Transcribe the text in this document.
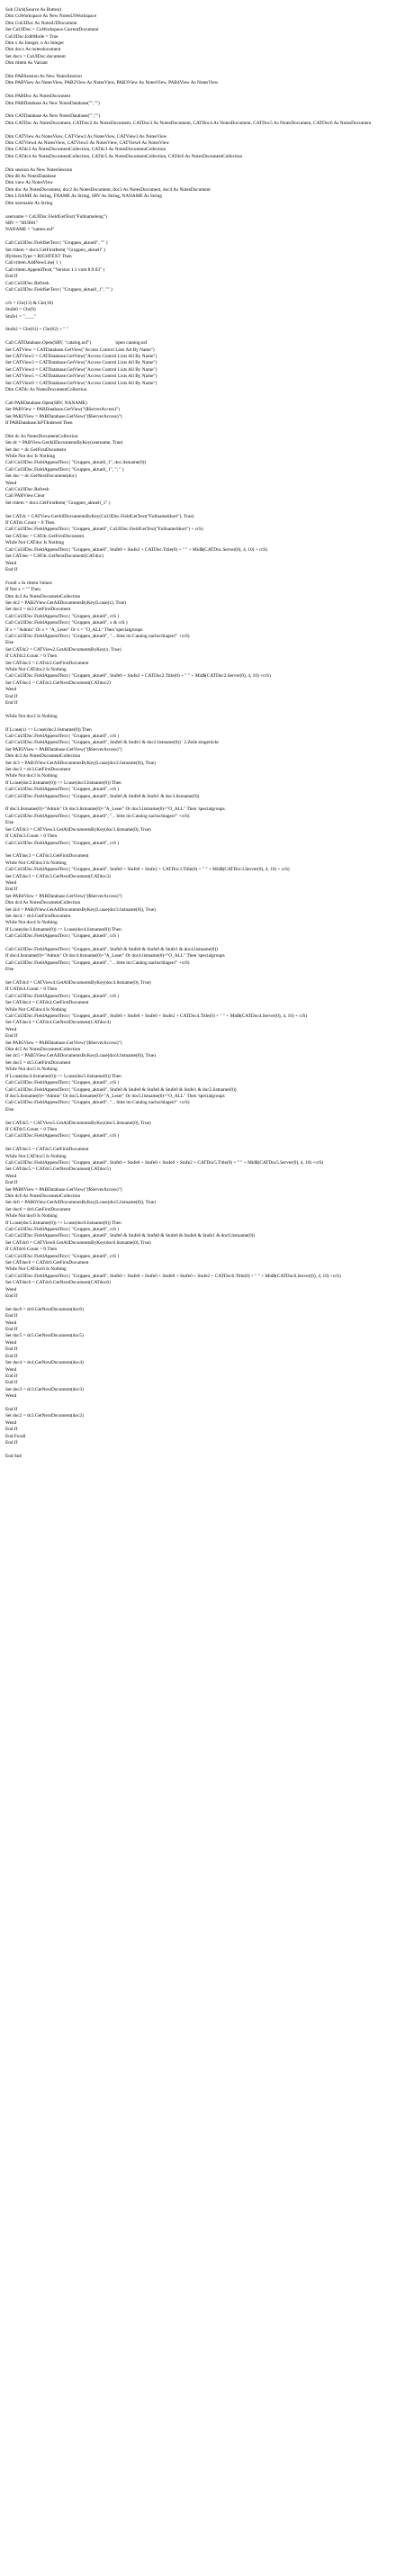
Sub Click(Source As Button)
Dim CuWorkspace As New NotesUIWorkspace
Dim CuUIDoc As NotesUIDocument
Set CuUIDoc = CuWorkspace.CurrentDocument
CuUIDoc.EditMode = True
Dim x As Integer, n As Integer
Dim docx As notesdocument
Set docx = CuUIDoc.document
Dim rtitem As Variant
Dim PABSession As New NotesSession
Dim PABView As NotesView, PAB2View As NotesView, PAB3View As NotesView, PAB4View As NotesView
Dim PABDoc As NotesDocument
Dim PABDatabase As New NotesDatabase("","")
Dim CATDatabase As New NotesDatabase("","")
Dim CATDoc As NotesDocument, CATDoc2 As NotesDocument, CATDoc3 As NotesDocument, CATDoc4 As NotesDocument, CATDoc5 As NotesDocument, CATDoc6 As NotesDocument
Dim CATView As NotesView, CATView2 As NotesView, CATView3 As NotesView
Dim CATView4 As NotesView, CATView5 As NotesView, CATView6 As NotesView
Dim CATdc2 As NotesDocumentCollection, CATdc3 As NotesDocumentCollection
Dim CATdc4 As NotesDocumentCollection, CATdc5 As NotesDocumentCollection, CATdc6 As NotesDocumentCollection
Dim session As New NotesSession
Dim db As NotesDatabase
Dim view As NotesView
Dim doc As NotesDocument, doc2 As NotesDocument, doc3 As NotesDocument, doc4 As NotesDocument
Dim LNAME As String, FNAME As String, SRV As String, NANAME As String
Dim username As String
username = CuUIDoc.FieldGetText("Fullnameleng")
SRV = "HUB01"
NANAME = "names.nsf"
Call CuUIDoc.FieldSetText ( "Gruppen_aktuell", "" )
Set rtitem = docx.GetFirstItem( "Gruppen_aktuell" )
If(rtitem.Type = RICHTEXT Then
Call rtitem.AddNewLine( 1 )
Call rtitem.AppendText( "Version 1.1 vom 8.9.03" )
End If
Call CuUIDoc.Refresh
Call CuUIDoc.FieldSetText ( "Gruppen_aktuell_1", "" )
crS = Chr(13) & Chr(10)
Stufe0 = Chr(9)
Stufe1 = "____"
Stufe2 = Chr(61) + Chr(62) + " "
Call CATDatabase.Open(SRV, "catalog.nsf")                    'open catalog.nsf
Set CATView = CATDatabase.GetView("Access Control Lists All By Name")
Set CATView2 = CATDatabase.GetView("Access Control Lists All By Name")
Set CATView3 = CATDatabase.GetView("Access Control Lists All By Name")
Set CATView4 = CATDatabase.GetView("Access Control Lists All By Name")
Set CATView5 = CATDatabase.GetView("Access Control Lists All By Name")
Set CATView6 = CATDatabase.GetView("Access Control Lists All By Name")
Dim CATdc As NotesDocumentCollection
Call PABDatabase.Open(SRV, NANAME)
Set PABView = PABDatabase.GetView("($ServerAccess)")
Set PAB2View = PABDatabase.GetView("($ServerAccess)")
If PABDatabase.IsFTIndexed Then
Dim dc As NotesDocumentCollection
Set dc = PABView.GetAllDocumentsByKey(username, True)
Set doc = dc.GetFirstDocument
While Not doc Is Nothing
Call CuUIDoc.FieldAppendText ( "Gruppen_aktuell_1", doc.listname(0))
Call CuUIDoc.FieldAppendText ( "Gruppen_aktuell_1", "; " )
Set doc = dc.GetNextDocument(doc)
Wend
Call CuUIDoc.Refresh
Call PABView.Clear
Set rtitem = docx.GetFirstItem( "Gruppen_aktuell_1" )
Set CATdc = CATView.GetAllDocumentsByKey(CuUIDoc.FieldGetText("FullnameShort"), True)
If CATdc.Count > 0 Then
Call CuUIDoc.FieldAppendText ( "Gruppen_aktuell", CuUIDoc.FieldGetText("FullnameShort") + crS)
Set CATdoc = CATdc.GetFirstDocument
While Not CATdoc Is Nothing
Call CuUIDoc.FieldAppendText ( "Gruppen_aktuell", Stufe0 + Stufe2 + CATDoc.Title(0) + " " + Mid$(CATDoc.Server(0), 4, 10) + crS)
Set CATdoc = CATdc.GetNextDocument(CATdoc)
Wend
End If
Forall x In rtitem.Values
If Not x = "" Then
Dim dc2 As NotesDocumentCollection
Set dc2 = PAB2View.GetAllDocumentsByKey(Lcase(x), True)
Set doc2 = dc2.GetFirstDocument
Call CuUIDoc.FieldAppendText ( "Gruppen_aktuell", crS )
Call CuUIDoc.FieldAppendText ( "Gruppen_aktuell", x & crS )
If x = "Admin" Or x = "A_Leser" Or x = "O_ALL" Then 'specialgroups
Call CuUIDoc.FieldAppendText ( "Gruppen_aktuell", "... bitte im Catalog nachschlagen!" +crS)
Else
Set CATdc2 = CATView2.GetAllDocumentsByKey(x, True)
If CATdc2.Count > 0 Then
Set CATdoc2 = CATdc2.GetFirstDocument
While Not CATdoc2 Is Nothing
Call CuUIDoc.FieldAppendText ( "Gruppen_aktuell", Stufe0 + Stufe2 + CATDoc2.Title(0) + " " + Mid$(CATDoc2.Server(0), 4, 10) +crS)
Set CATdoc2 = CATdc2.GetNextDocument(CATdoc2)
Wend
End If
End If
While Not doc2 Is Nothing
If Lcase(x) <> Lcase(doc2.listname(0)) Then
Call CuUIDoc.FieldAppendText ( "Gruppen_aktuell", crS )
Call CuUIDoc.FieldAppendText ( "Gruppen_aktuell", Stufe0 & Stufe1 & doc2.listname(0)) ' 2.Zeile eingerückt
Set PAB3View = PABDatabase.GetView("($ServerAccess)")
Dim dc3 As NotesDocumentCollection
Set dc3 = PAB3View.GetAllDocumentsByKey(Lcase(doc2.listname(0)), True)
Set doc3 = dc3.GetFirstDocument
While Not doc3 Is Nothing
If Lcase(doc2.listname(0)) <> Lcase(doc3.listname(0)) Then
Call CuUIDoc.FieldAppendText ( "Gruppen_aktuell", crS )
Call CuUIDoc.FieldAppendText ( "Gruppen_aktuell", Stufe0 & Stufe0 & Stufe1 & doc3.listname(0))
If doc3.listname(0)="Admin" Or doc3.listname(0)="A_Leser" Or doc3.listname(0)="O_ALL" Then 'specialgroups
Call CuUIDoc.FieldAppendText ( "Gruppen_aktuell", "... bitte im Catalog nachschlagen!" +crS)
Else
Set CATdc3 = CATView3.GetAllDocumentsByKey(doc3.listname(0), True)
If CATdc3.Count > 0 Then
Call CuUIDoc.FieldAppendText ( "Gruppen_aktuell", crS )
Set CATdoc3 = CATdc3.GetFirstDocument
While Not CATdoc3 Is Nothing
Call CuUIDoc.FieldAppendText ( "Gruppen_aktuell", Stufe0 + Stufe0 + Stufe2 + CATDoc3.Title(0) + " " + Mid$(CATDoc3.Server(0), 4, 10) + crS)
Set CATdoc3 = CATdc3.GetNextDocument(CATdoc3)
Wend
End If
Set PAB4View = PABDatabase.GetView("($ServerAccess)")
Dim dc4 As NotesDocumentCollection
Set dc4 = PAB4View.GetAllDocumentsByKey(Lcase(doc3.listname(0)), True)
Set doc4 = dc4.GetFirstDocument
While Not doc4 Is Nothing
If Lcase(doc3.listname(0)) <> Lcase(doc4.listname(0)) Then
Call CuUIDoc.FieldAppendText ( "Gruppen_aktuell", crS )
Call CuUIDoc.FieldAppendText ( "Gruppen_aktuell", Stufe0 & Stufe0 & Stufe0 & Stufe1 & doc4.listname(0))
If doc4.listname(0)="Admin" Or doc4.listname(0)="A_Leser" Or doc4.listname(0)="O_ALL" Then 'specialgroups
Call CuUIDoc.FieldAppendText ( "Gruppen_aktuell", "... bitte im Catalog nachschlagen!" +crS)
Else
Set CATdc4 = CATView4.GetAllDocumentsByKey(doc4.listname(0), True)
If CATdc4.Count > 0 Then
Call CuUIDoc.FieldAppendText ( "Gruppen_aktuell", crS )
Set CATdoc4 = CATdc4.GetFirstDocument
While Not CATdoc4 Is Nothing
Call CuUIDoc.FieldAppendText ( "Gruppen_aktuell", Stufe0 + Stufe0 + Stufe0 + Stufe2 + CATDoc4.Title(0) + " " + Mid$(CATDoc4.Server(0), 4, 10) + crS)
Set CATdoc4 = CATdc4.GetNextDocument(CATdoc4)
Wend
End If
Set PAB5View = PABDatabase.GetView("($ServerAccess)")
Dim dc5 As NotesDocumentCollection
Set dc5 = PAB5View.GetAllDocumentsByKey(Lcase(doc4.listname(0)), True)
Set doc5 = dc5.GetFirstDocument
While Not doc5 Is Nothing
If Lcase(doc4.listname(0)) <> Lcase(doc5.listname(0)) Then
Call CuUIDoc.FieldAppendText ( "Gruppen_aktuell", crS )
Call CuUIDoc.FieldAppendText ( "Gruppen_aktuell", Stufe0 & Stufe0 & Stufe0 & Stufe0 & Stufe1 & doc5.listname(0))
If doc5.listname(0)="Admin" Or doc5.listname(0)="A_Leser" Or doc5.listname(0)="O_ALL" Then 'specialgroups
Call CuUIDoc.FieldAppendText ( "Gruppen_aktuell", "... bitte im Catalog nachschlagen!" +crS)
Else
Set CATdc5 = CATView5.GetAllDocumentsByKey(doc5.listname(0), True)
If CATdc5.Count > 0 Then
Call CuUIDoc.FieldAppendText ( "Gruppen_aktuell", crS )
Set CATdoc5 = CATdc5.GetFirstDocument
While Not CATdoc5 Is Nothing
Call CuUIDoc.FieldAppendText ( "Gruppen_aktuell", Stufe0 + Stufe0 + Stufe0 + Stufe0 + Stufe2 + CATDoc5.Title(0) + " " + Mid$(CATDoc5.Server(0), 4, 10) +crS)
Set CATdoc5 = CATdc5.GetNextDocument(CATdoc5)
Wend
End If
Set PAB6View = PABDatabase.GetView("($ServerAccess)")
Dim dc6 As NotesDocumentCollection
Set dc6 = PAB6View.GetAllDocumentsByKey(Lcase(doc5.listname(0)), True)
Set doc6 = dc6.GetFirstDocument
While Not doc6 Is Nothing
If Lcase(doc5.listname(0)) <> Lcase(doc6.listname(0)) Then
Call CuUIDoc.FieldAppendText ( "Gruppen_aktuell", crS )
Call CuUIDoc.FieldAppendText ( "Gruppen_aktuell", Stufe0 & Stufe0 & Stufe0 & Stufe0 & Stufe0 & Stufe1 & doc6.listname(0))
Set CATdc6 = CATView6.GetAllDocumentsByKey(doc6.listname(0), True)
If CATdc6.Count > 0 Then
Call CuUIDoc.FieldAppendText ( "Gruppen_aktuell", crS )
Set CATdoc6 = CATdc6.GetFirstDocument
While Not CATdoc6 Is Nothing
Call CuUIDoc.FieldAppendText ( "Gruppen_aktuell", Stufe0 + Stufe0 + Stufe0 + Stufe0 + Stufe0 + Stufe2 + CATDoc6.Title(0) + " " + Mid$(CATDoc6.Server(0), 4, 10) +crS)
Set CATdoc6 = CATdc6.GetNextDocument(CATdoc6)
Wend
End If
Set doc6 = dc6.GetNextDocument(doc6)
End If
Wend
End If
Set doc5 = dc5.GetNextDocument(doc5)
Wend
End If
End If
Set doc4 = dc4.GetNextDocument(doc4)
Wend
End If
End If
Set doc3 = dc3.GetNextDocument(doc3)
Wend
End If
Set doc2 = dc2.GetNextDocument(doc2)
Wend
End If
End Forall
End If
End Sub
